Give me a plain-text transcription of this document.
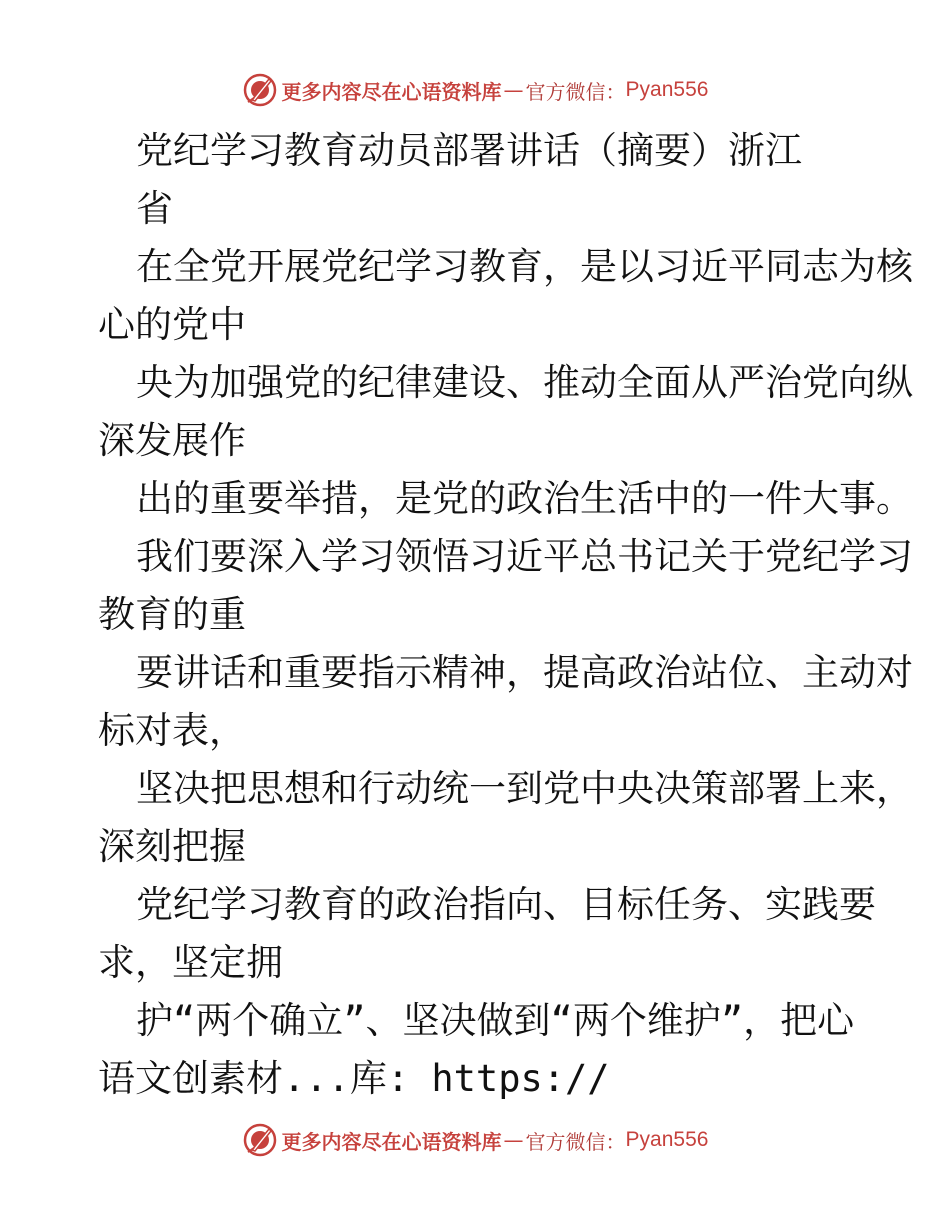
更多内容尽在心语资料库 — 官方微信： Pyan556
党纪学习教育动员部署讲话（摘要）浙江
省
在全党开展党纪学习教育，是以习近平同志为核
心的党中
央为加强党的纪律建设、推动全面从严治党向纵
深发展作
出的重要举措，是党的政治生活中的一件大事。
我们要深入学习领悟习近平总书记关于党纪学习
教育的重
要讲话和重要指示精神，提高政治站位、主动对
标对表，
坚决把思想和行动统一到党中央决策部署上来，
深刻把握
党纪学习教育的政治指向、目标任务、实践要
求，坚定拥
护“两个确立”、坚决做到“两个维护”，把心
语文创素材...库: https://
更多内容尽在心语资料库 — 官方微信： Pyan556
